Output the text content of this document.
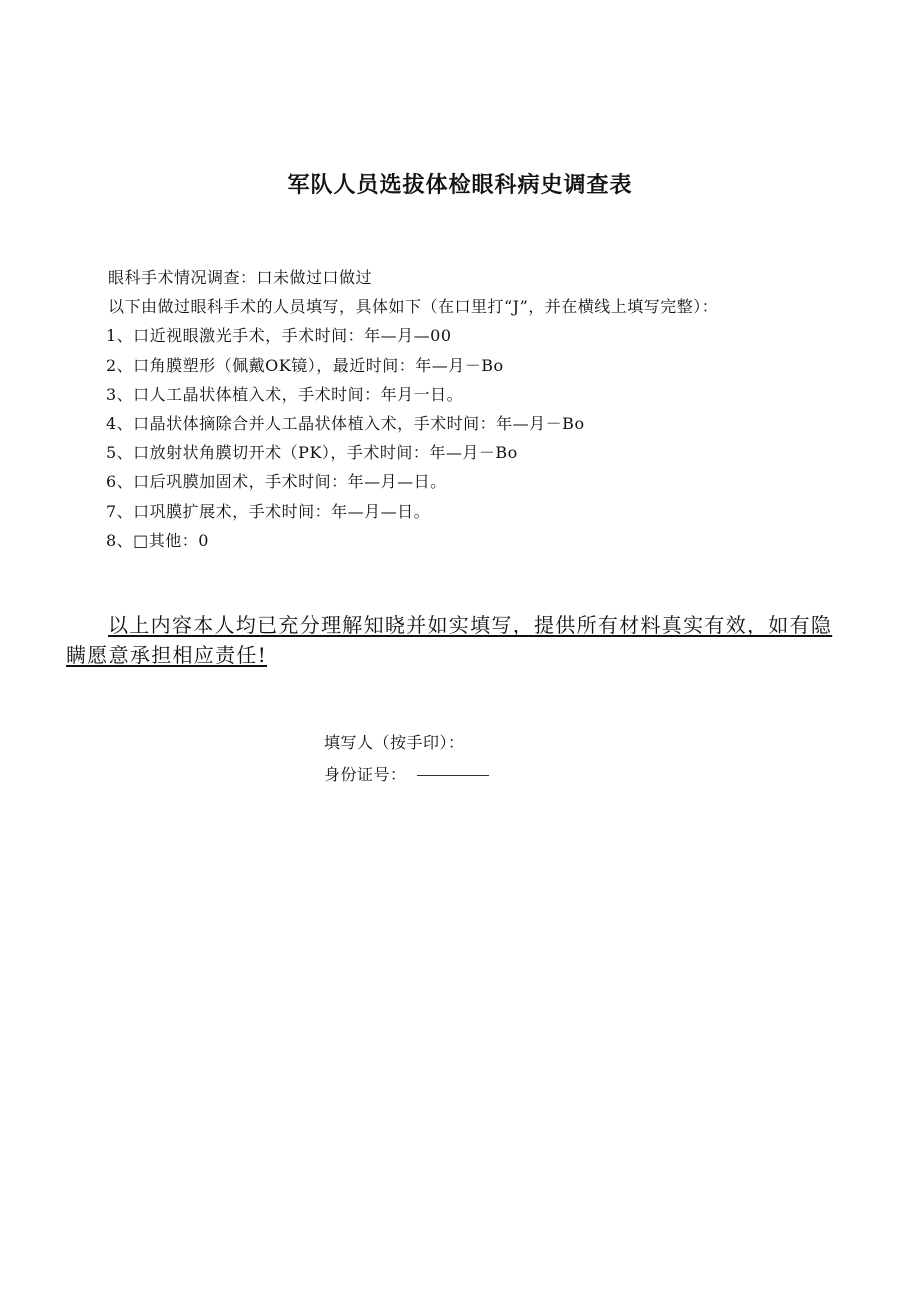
军队人员选拔体检眼科病史调查表
眼科手术情况调查：口未做过口做过
以下由做过眼科手术的人员填写，具体如下（在口里打“J”，并在横线上填写完整）：
1、口近视眼激光手术，手术时间：年—月—00
2、口角膜塑形（佩戴OK镜），最近时间：年—月－Bo
3、口人工晶状体植入术，手术时间：年月一日。
4、口晶状体摘除合并人工晶状体植入术，手术时间：年—月－Bo
5、口放射状角膜切开术（PK），手术时间：年—月－Bo
6、口后巩膜加固术，手术时间：年—月—日。
7、口巩膜扩展术，手术时间：年—月—日。
8、□其他：0
以上内容本人均已充分理解知晓并如实填写，提供所有材料真实有效，如有隐瞒愿意承担相应责任!
填写人（按手印）：
身份证号：
